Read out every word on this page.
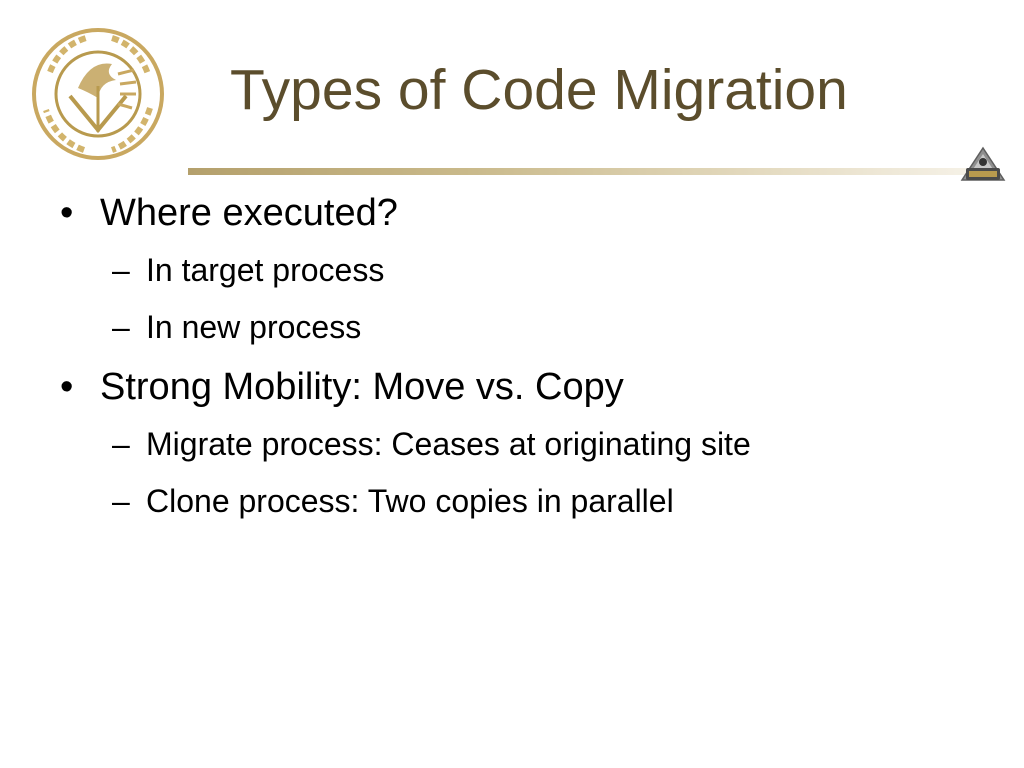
Types of Code Migration
• Where executed?
– In target process
– In new process
• Strong Mobility: Move vs. Copy
– Migrate process: Ceases at originating site
– Clone process: Two copies in parallel
